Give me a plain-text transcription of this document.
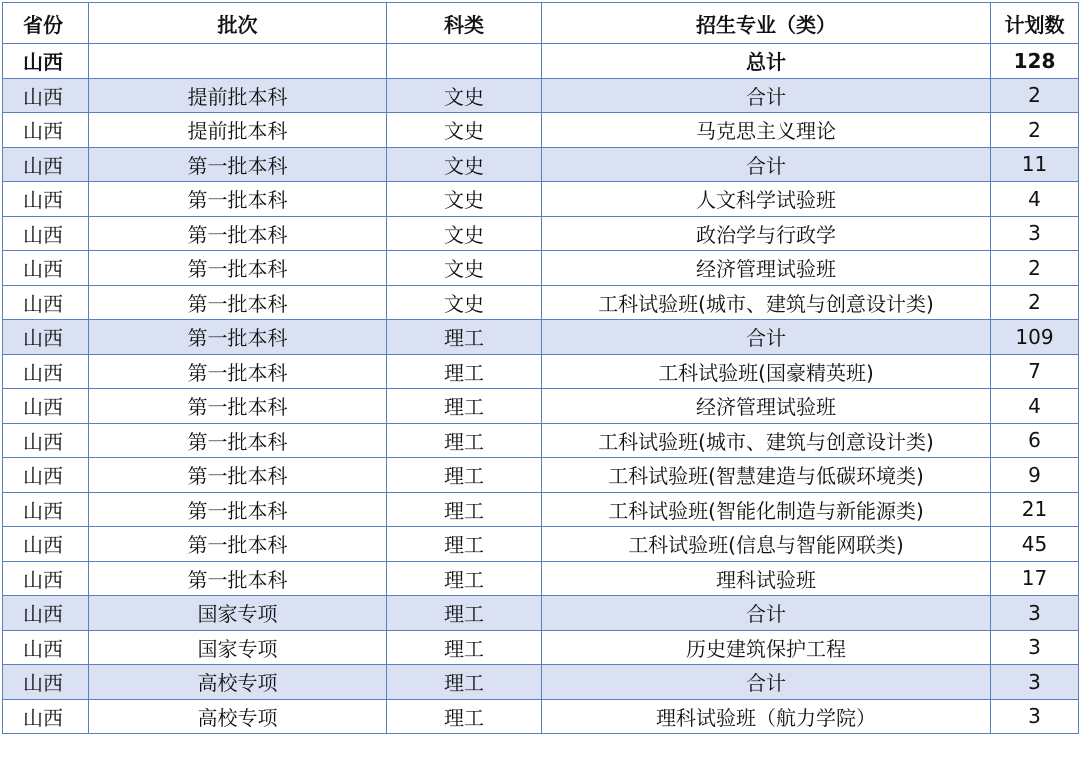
省份	批次	科类	招生专业（类）	计划数
山西			总计	128
山西	提前批本科	文史	合计	2
山西	提前批本科	文史	马克思主义理论	2
山西	第一批本科	文史	合计	11
山西	第一批本科	文史	人文科学试验班	4
山西	第一批本科	文史	政治学与行政学	3
山西	第一批本科	文史	经济管理试验班	2
山西	第一批本科	文史	工科试验班(城市、建筑与创意设计类)	2
山西	第一批本科	理工	合计	109
山西	第一批本科	理工	工科试验班(国豪精英班)	7
山西	第一批本科	理工	经济管理试验班	4
山西	第一批本科	理工	工科试验班(城市、建筑与创意设计类)	6
山西	第一批本科	理工	工科试验班(智慧建造与低碳环境类)	9
山西	第一批本科	理工	工科试验班(智能化制造与新能源类)	21
山西	第一批本科	理工	工科试验班(信息与智能网联类)	45
山西	第一批本科	理工	理科试验班	17
山西	国家专项	理工	合计	3
山西	国家专项	理工	历史建筑保护工程	3
山西	高校专项	理工	合计	3
山西	高校专项	理工	理科试验班（航力学院）	3
